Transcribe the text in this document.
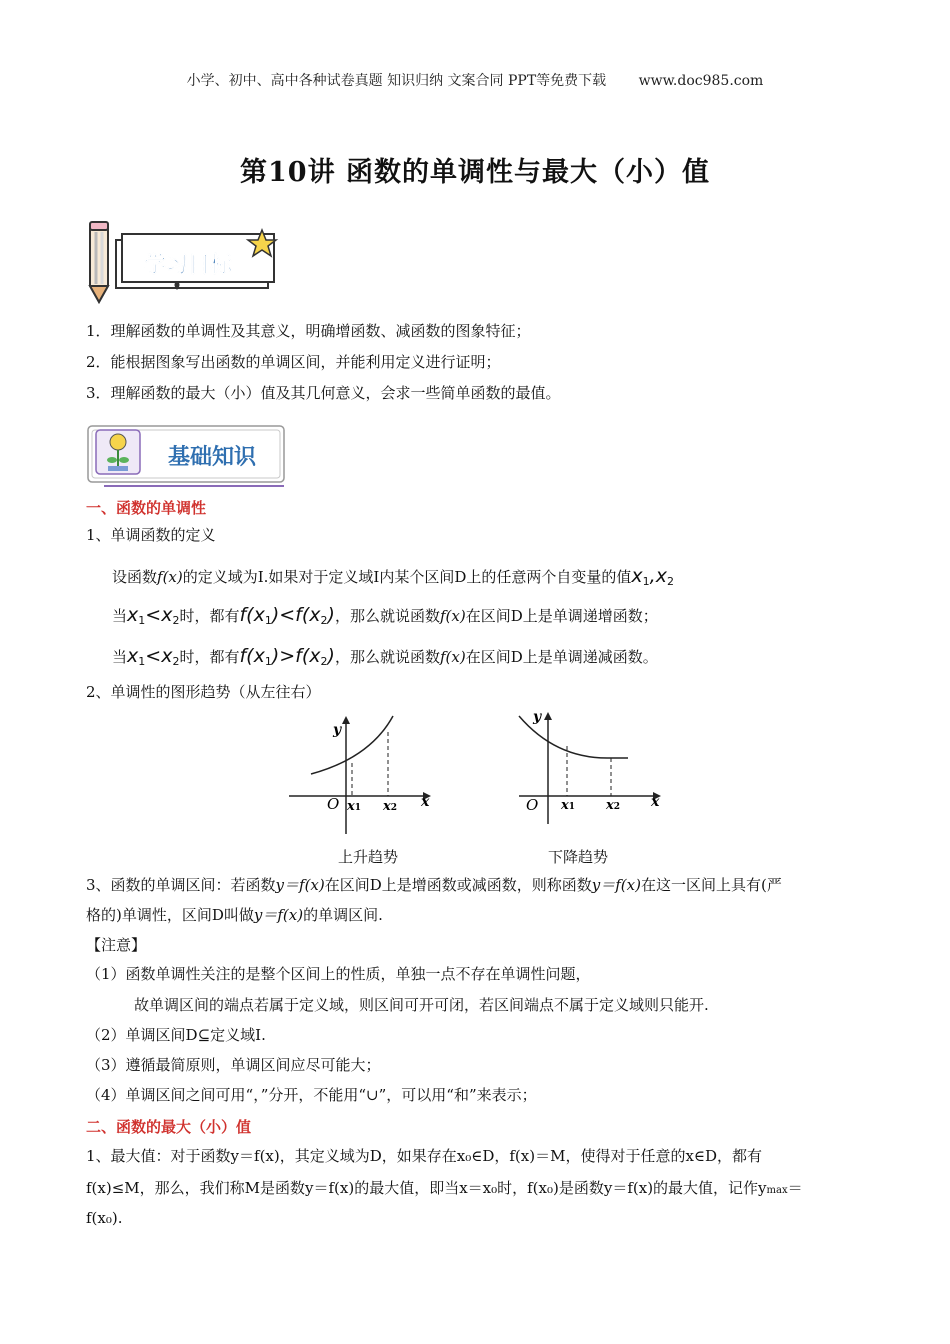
小学、初中、高中各种试卷真题 知识归纳 文案合同 PPT等免费下载 www.doc985.com
第10讲 函数的单调性与最大（小）值
学习目标
1．理解函数的单调性及其意义，明确增函数、减函数的图象特征；
2．能根据图象写出函数的单调区间，并能利用定义进行证明；
3．理解函数的最大（小）值及其几何意义，会求一些简单函数的最值。
基础知识
一、函数的单调性
1、单调函数的定义
设函数f(x)的定义域为I.如果对于定义域I内某个区间D上的任意两个自变量的值$x_1,x_2$
当$x_1<x_2$时，都有$f(x_1)<f(x_2)$，那么就说函数f(x)在区间D上是单调递增函数；
当$x_1<x_2$时，都有$f(x_1)>f(x_2)$，那么就说函数f(x)在区间D上是单调递减函数。
2、单调性的图形趋势（从左往右）
y
x
O x1 x2
上升趋势
y
x
O x1 x2
下降趋势
3、函数的单调区间：若函数y＝f(x)在区间D上是增函数或减函数，则称函数y＝f(x)在这一区间上具有(严
格的)单调性，区间D叫做y＝f(x)的单调区间.
【注意】
（1）函数单调性关注的是整个区间上的性质，单独一点不存在单调性问题，
故单调区间的端点若属于定义域，则区间可开可闭，若区间端点不属于定义域则只能开.
（2）单调区间D⊆定义域I.
（3）遵循最简原则，单调区间应尽可能大；
（4）单调区间之间可用“，”分开，不能用“∪”，可以用“和”来表示；
二、函数的最大（小）值
1、最大值：对于函数y＝f(x)，其定义域为D，如果存在x₀∈D，f(x)＝M，使得对于任意的x∈D，都有
f(x)≤M，那么，我们称M是函数y＝f(x)的最大值，即当x＝x₀时，f(x₀)是函数y＝f(x)的最大值，记作ymax＝
f(x₀).
